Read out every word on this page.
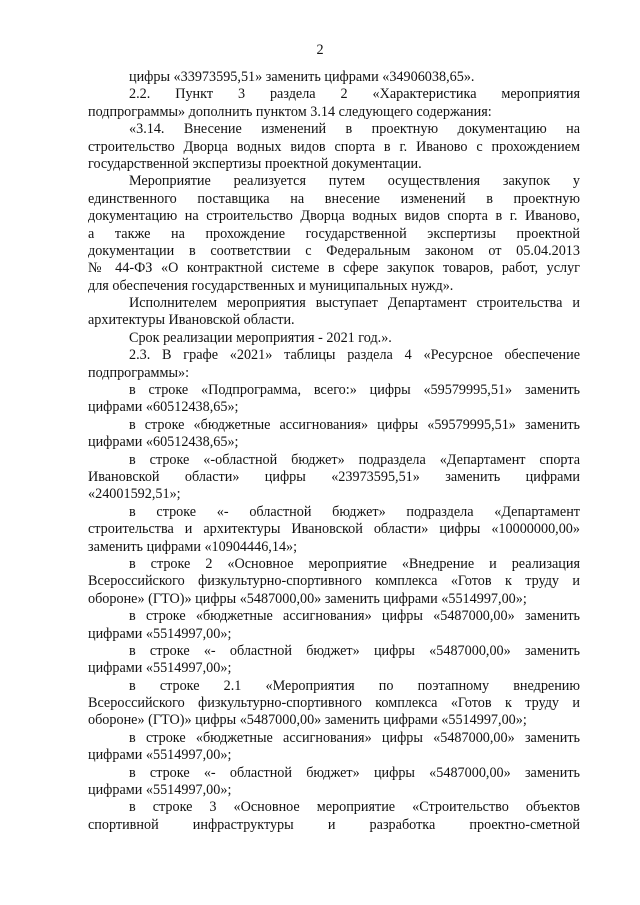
2
цифры «33973595,51» заменить цифрами «34906038,65».
2.2. Пункт 3 раздела 2 «Характеристика мероприятия
подпрограммы» дополнить пунктом 3.14 следующего содержания:
«3.14. Внесение изменений в проектную документацию на
строительство Дворца водных видов спорта в г. Иваново с прохождением
государственной экспертизы проектной документации.
Мероприятие реализуется путем осуществления закупок у
единственного поставщика на внесение изменений в проектную
документацию на строительство Дворца водных видов спорта в г. Иваново,
а также на прохождение государственной экспертизы проектной
документации в соответствии с Федеральным законом от 05.04.2013
№ 44-ФЗ «О контрактной системе в сфере закупок товаров, работ, услуг
для обеспечения государственных и муниципальных нужд».
Исполнителем мероприятия выступает Департамент строительства и
архитектуры Ивановской области.
Срок реализации мероприятия - 2021 год.».
2.3. В графе «2021» таблицы раздела 4 «Ресурсное обеспечение
подпрограммы»:
в строке «Подпрограмма, всего:» цифры «59579995,51» заменить
цифрами «60512438,65»;
в строке «бюджетные ассигнования» цифры «59579995,51» заменить
цифрами «60512438,65»;
в строке «-областной бюджет» подраздела «Департамент спорта
Ивановской области» цифры «23973595,51» заменить цифрами
«24001592,51»;
в строке «- областной бюджет» подраздела «Департамент
строительства и архитектуры Ивановской области» цифры «10000000,00»
заменить цифрами «10904446,14»;
в строке 2 «Основное мероприятие «Внедрение и реализация
Всероссийского физкультурно-спортивного комплекса «Готов к труду и
обороне» (ГТО)» цифры «5487000,00» заменить цифрами «5514997,00»;
в строке «бюджетные ассигнования» цифры «5487000,00» заменить
цифрами «5514997,00»;
в строке «- областной бюджет» цифры «5487000,00» заменить
цифрами «5514997,00»;
в строке 2.1 «Мероприятия по поэтапному внедрению
Всероссийского физкультурно-спортивного комплекса «Готов к труду и
обороне» (ГТО)» цифры «5487000,00» заменить цифрами «5514997,00»;
в строке «бюджетные ассигнования» цифры «5487000,00» заменить
цифрами «5514997,00»;
в строке «- областной бюджет» цифры «5487000,00» заменить
цифрами «5514997,00»;
в строке 3 «Основное мероприятие «Строительство объектов
спортивной инфраструктуры и разработка проектно-сметной
